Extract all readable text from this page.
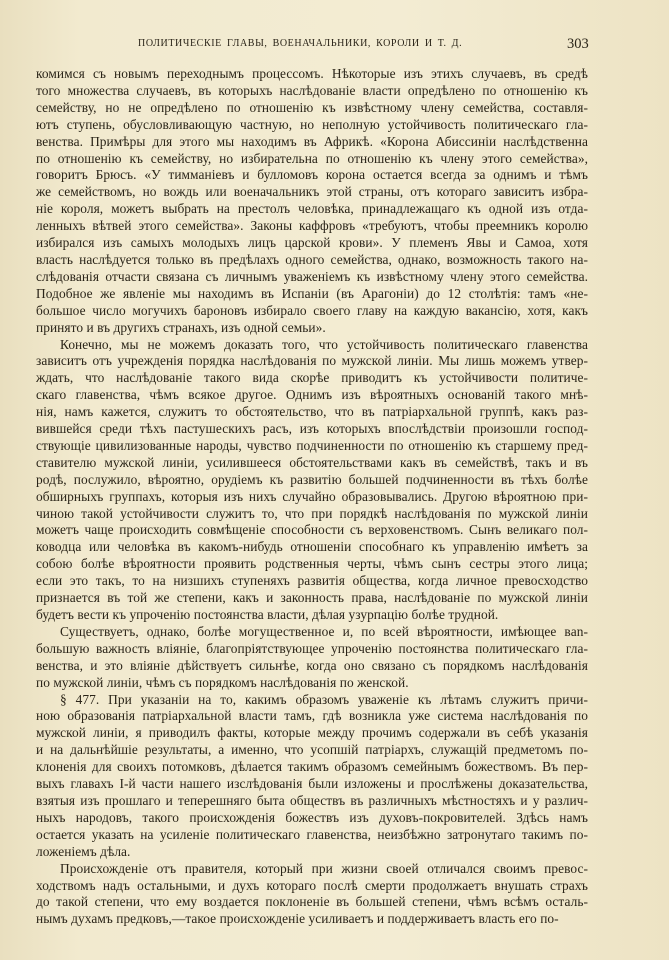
ПОЛИТИЧЕСКІЕ ГЛАВЫ, ВОЕНАЧАЛЬНИКИ, КОРОЛИ И Т. Д.	303
комимся съ новымъ переходнымъ процессомъ. Нѣкоторые изъ этихъ случаевъ, въ средѣ
того множества случаевъ, въ которыхъ наслѣдованіе власти опредѣлено по отношенію къ
семейству, но не опредѣлено по отношенію къ извѣстному члену семейства, составля-
ютъ ступень, обусловливающую частную, но неполную устойчивость политическаго гла-
венства. Примѣры для этого мы находимъ въ Африкѣ. «Корона Абиссиніи наслѣдственна
по отношенію къ семейству, но избирательна по отношенію къ члену этого семейства»,
говоритъ Брюсъ. «У тимманіевъ и булломовъ корона остается всегда за однимъ и тѣмъ
же семействомъ, но вождь или военачальникъ этой страны, отъ котораго зависитъ избра-
ніе короля, можетъ выбрать на престолъ человѣка, принадлежащаго къ одной изъ отда-
ленныхъ вѣтвей этого семейства». Законы каффровъ «требуютъ, чтобы преемникъ королю
избирался изъ самыхъ молодыхъ лицъ царской крови». У племенъ Явы и Самоа, хотя
власть наслѣдуется только въ предѣлахъ одного семейства, однако, возможность такого на-
слѣдованія отчасти связана съ личнымъ уваженіемъ къ извѣстному члену этого семейства.
Подобное же явленіе мы находимъ въ Испаніи (въ Арагоніи) до 12 столѣтія: тамъ «не-
большое число могучихъ бароновъ избирало своего главу на каждую вакансію, хотя, какъ
принято и въ другихъ странахъ, изъ одной семьи».
Конечно, мы не можемъ доказать того, что устойчивость политическаго главенства
зависитъ отъ учрежденія порядка наслѣдованія по мужской линіи. Мы лишь можемъ утвер-
ждать, что наслѣдованіе такого вида скорѣе приводитъ къ устойчивости политиче-
скаго главенства, чѣмъ всякое другое. Однимъ изъ вѣроятныхъ основаній такого мнѣ-
нія, намъ кажется, служитъ то обстоятельство, что въ патріархальной группѣ, какъ раз-
вившейся среди тѣхъ пастушескихъ расъ, изъ которыхъ впослѣдствіи произошли господ-
ствующіе цивилизованные народы, чувство подчиненности по отношенію къ старшему пред-
ставителю мужской линіи, усилившееся обстоятельствами какъ въ семействѣ, такъ и въ
родѣ, послужило, вѣроятно, орудіемъ къ развитію большей подчиненности въ тѣхъ болѣе
обширныхъ группахъ, которыя изъ нихъ случайно образовывались. Другою вѣроятною при-
чиною такой устойчивости служитъ то, что при порядкѣ наслѣдованія по мужской линіи
можетъ чаще происходить совмѣщеніе способности съ верховенствомъ. Сынъ великаго пол-
ководца или человѣка въ какомъ-нибудь отношеніи способнаго къ управленію имѣетъ за
собою болѣе вѣроятности проявить родственныя черты, чѣмъ сынъ сестры этого лица;
если это такъ, то на низшихъ ступеняхъ развитія общества, когда личное превосходство
признается въ той же степени, какъ и законность права, наслѣдованіе по мужской линіи
будетъ вести къ упроченію постоянства власти, дѣлая узурпацію болѣе трудной.
Существуетъ, однако, болѣе могущественное и, по всей вѣроятности, имѣющее вan-
большую важность вліяніе, благопріятствующее упроченію постоянства политическаго гла-
венства, и это вліяніе дѣйствуетъ сильнѣе, когда оно связано съ порядкомъ наслѣдованія
по мужской линіи, чѣмъ съ порядкомъ наслѣдованія по женской.
§ 477. При указаніи на то, какимъ образомъ уваженіе къ лѣтамъ служитъ причи-
ною образованія патріархальной власти тамъ, гдѣ возникла уже система наслѣдованія по
мужской линіи, я приводилъ факты, которые между прочимъ содержали въ себѣ указанія
и на дальнѣйшіе результаты, а именно, что усопшій патріархъ, служащій предметомъ по-
клоненія для своихъ потомковъ, дѣлается такимъ образомъ семейнымъ божествомъ. Въ пер-
выхъ главахъ I-й части нашего изслѣдованія были изложены и прослѣжены доказательства,
взятыя изъ прошлаго и теперешняго быта обществъ въ различныхъ мѣстностяхъ и у различ-
ныхъ народовъ, такого происхожденія божествъ изъ духовъ-покровителей. Здѣсь намъ
остается указать на усиленіе политическаго главенства, неизбѣжно затронутаго такимъ по-
ложеніемъ дѣла.
Происхожденіе отъ правителя, который при жизни своей отличался своимъ превос-
ходствомъ надъ остальными, и духъ котораго послѣ смерти продолжаетъ внушать страхъ
до такой степени, что ему воздается поклоненіе въ большей степени, чѣмъ всѣмъ осталь-
нымъ духамъ предковъ,—такое происхожденіе усиливаетъ и поддерживаетъ власть его по-
